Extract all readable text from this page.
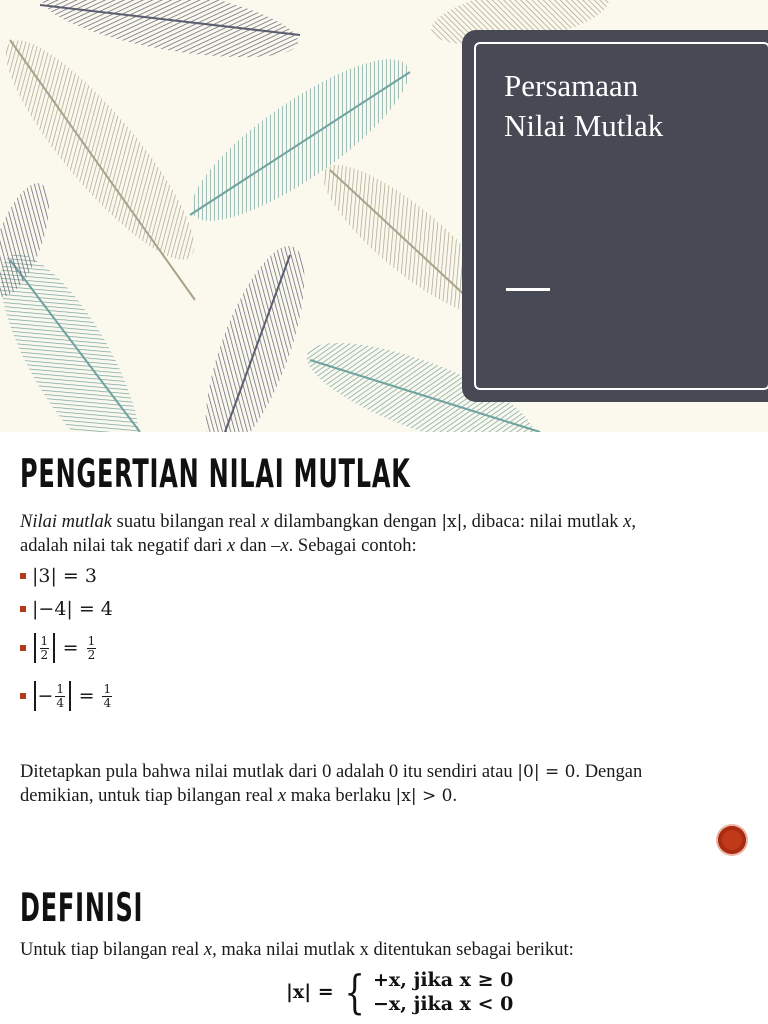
Persamaan
Nilai Mutlak
PENGERTIAN NILAI MUTLAK

Nilai mutlak suatu bilangan real x dilambangkan dengan |x|, dibaca: nilai mutlak x,
adalah nilai tak negatif dari x dan –x. Sebagai contoh:

|3| = 3
|−4| = 4
$\frac{1}{2} = \frac{1}{2}$
− $\frac{1}{4} = \frac{1}{4}$

Ditetapkan pula bahwa nilai mutlak dari 0 adalah 0 itu sendiri atau |0| = 0. Dengan
demikian, untuk tiap bilangan real x maka berlaku |x| > 0.

DEFINISI

Untuk tiap bilangan real x, maka nilai mutlak x ditentukan sebagai berikut:

|x| = { +x, jika x ≥ 0
−x, jika x < 0
